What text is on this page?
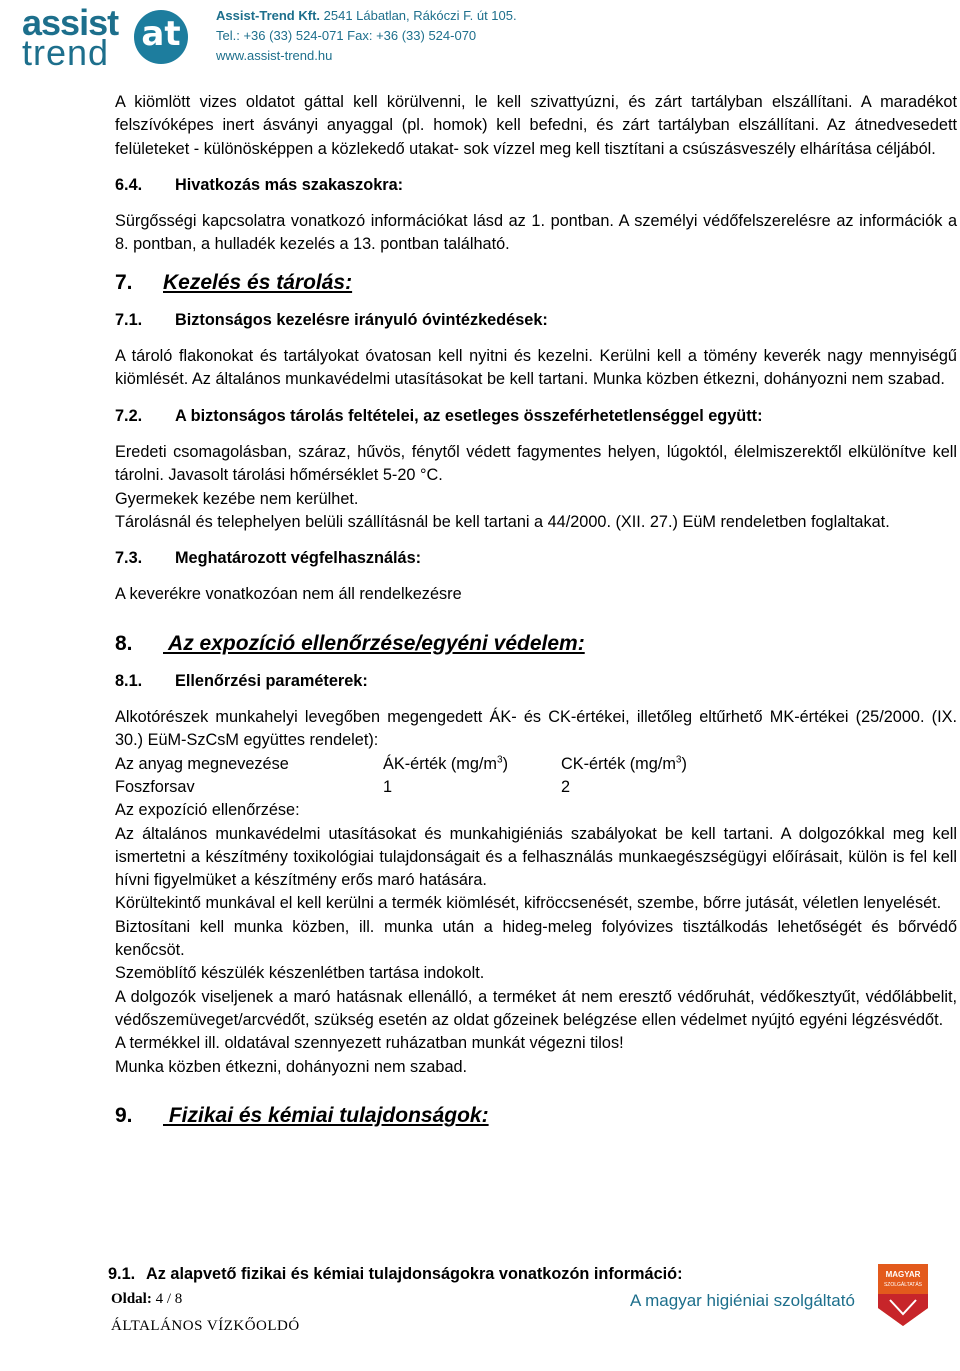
assist
trend at	Assist-Trend Kft. 2541 Lábatlan, Rákóczi F. út 105.
Tel.: +36 (33) 524-071 Fax: +36 (33) 524-070
www.assist-trend.hu

A kiömlött vizes oldatot gáttal kell körülvenni, le kell szivattyúzni, és zárt tartályban elszállítani. A maradékot felszívóképes inert ásványi anyaggal (pl. homok) kell befedni, és zárt tartályban elszállítani. Az átnedvesedett felületeket - különösképpen a közlekedő utakat- sok vízzel meg kell tisztítani a csúszásveszély elhárítása céljából.

6.4. Hivatkozás más szakaszokra:

Sürgősségi kapcsolatra vonatkozó információkat lásd az 1. pontban. A személyi védőfelszerelésre az információk a 8. pontban, a hulladék kezelés a 13. pontban található.

7. Kezelés és tárolás:
7.1. Biztonságos kezelésre irányuló óvintézkedések:

A tároló flakonokat és tartályokat óvatosan kell nyitni és kezelni. Kerülni kell a tömény keverék nagy mennyiségű kiömlését. Az általános munkavédelmi utasításokat be kell tartani. Munka közben étkezni, dohányozni nem szabad.

7.2. A biztonságos tárolás feltételei, az esetleges összeférhetetlenséggel együtt:

Eredeti csomagolásban, száraz, hűvös, fénytől védett fagymentes helyen, lúgoktól, élelmiszerektől elkülönítve kell tárolni. Javasolt tárolási hőmérséklet 5-20 °C.

Gyermekek kezébe nem kerülhet.

Tárolásnál és telephelyen belüli szállításnál be kell tartani a 44/2000. (XII. 27.) EüM rendeletben foglaltakat.

7.3. Meghatározott végfelhasználás:

A keverékre vonatkozóan nem áll rendelkezésre

8. Az expozíció ellenőrzése/egyéni védelem:
8.1. Ellenőrzési paraméterek:

Alkotórészek munkahelyi levegőben megengedett ÁK- és CK-értékei, illetőleg eltűrhető MK-értékei (25/2000. (IX. 30.) EüM-SzCsM együttes rendelet):

Az anyag megnevezése	ÁK-érték $(mg/m^3)$	CK-érték $(mg/m^3)$
Foszforsav	1	2

Az expozíció ellenőrzése:

Az általános munkavédelmi utasításokat és munkahigiéniás szabályokat be kell tartani. A dolgozókkal meg kell ismertetni a készítmény toxikológiai tulajdonságait és a felhasználás munkaegészségügyi előírásait, külön is fel kell hívni figyelmüket a készítmény erős maró hatására.

Körültekintő munkával el kell kerülni a termék kiömlését, kifröccsenését, szembe, bőrre jutását, véletlen lenyelését.

Biztosítani kell munka közben, ill. munka után a hideg-meleg folyóvizes tisztálkodás lehetőségét és bőrvédő kenőcsöt.

Szemöblítő készülék készenlétben tartása indokolt.

A dolgozók viseljenek a maró hatásnak ellenálló, a terméket át nem eresztő védőruhát, védőkesztyűt, védőlábbelit, védőszemüveget/arcvédőt, szükség esetén az oldat gőzeinek belégzése ellen védelmet nyújtó egyéni légzésvédőt.

A termékkel ill. oldatával szennyezett ruházatban munkát végezni tilos!

Munka közben étkezni, dohányozni nem szabad.

9. Fizikai és kémiai tulajdonságok:
9.1. Az alapvető fizikai és kémiai tulajdonságokra vonatkozón információ:
Oldal: 4 / 8
ÁLTALÁNOS VÍZKŐOLDÓ
A magyar higiéniai szolgáltató
MAGYAR
SZOLGÁLTATÁS
